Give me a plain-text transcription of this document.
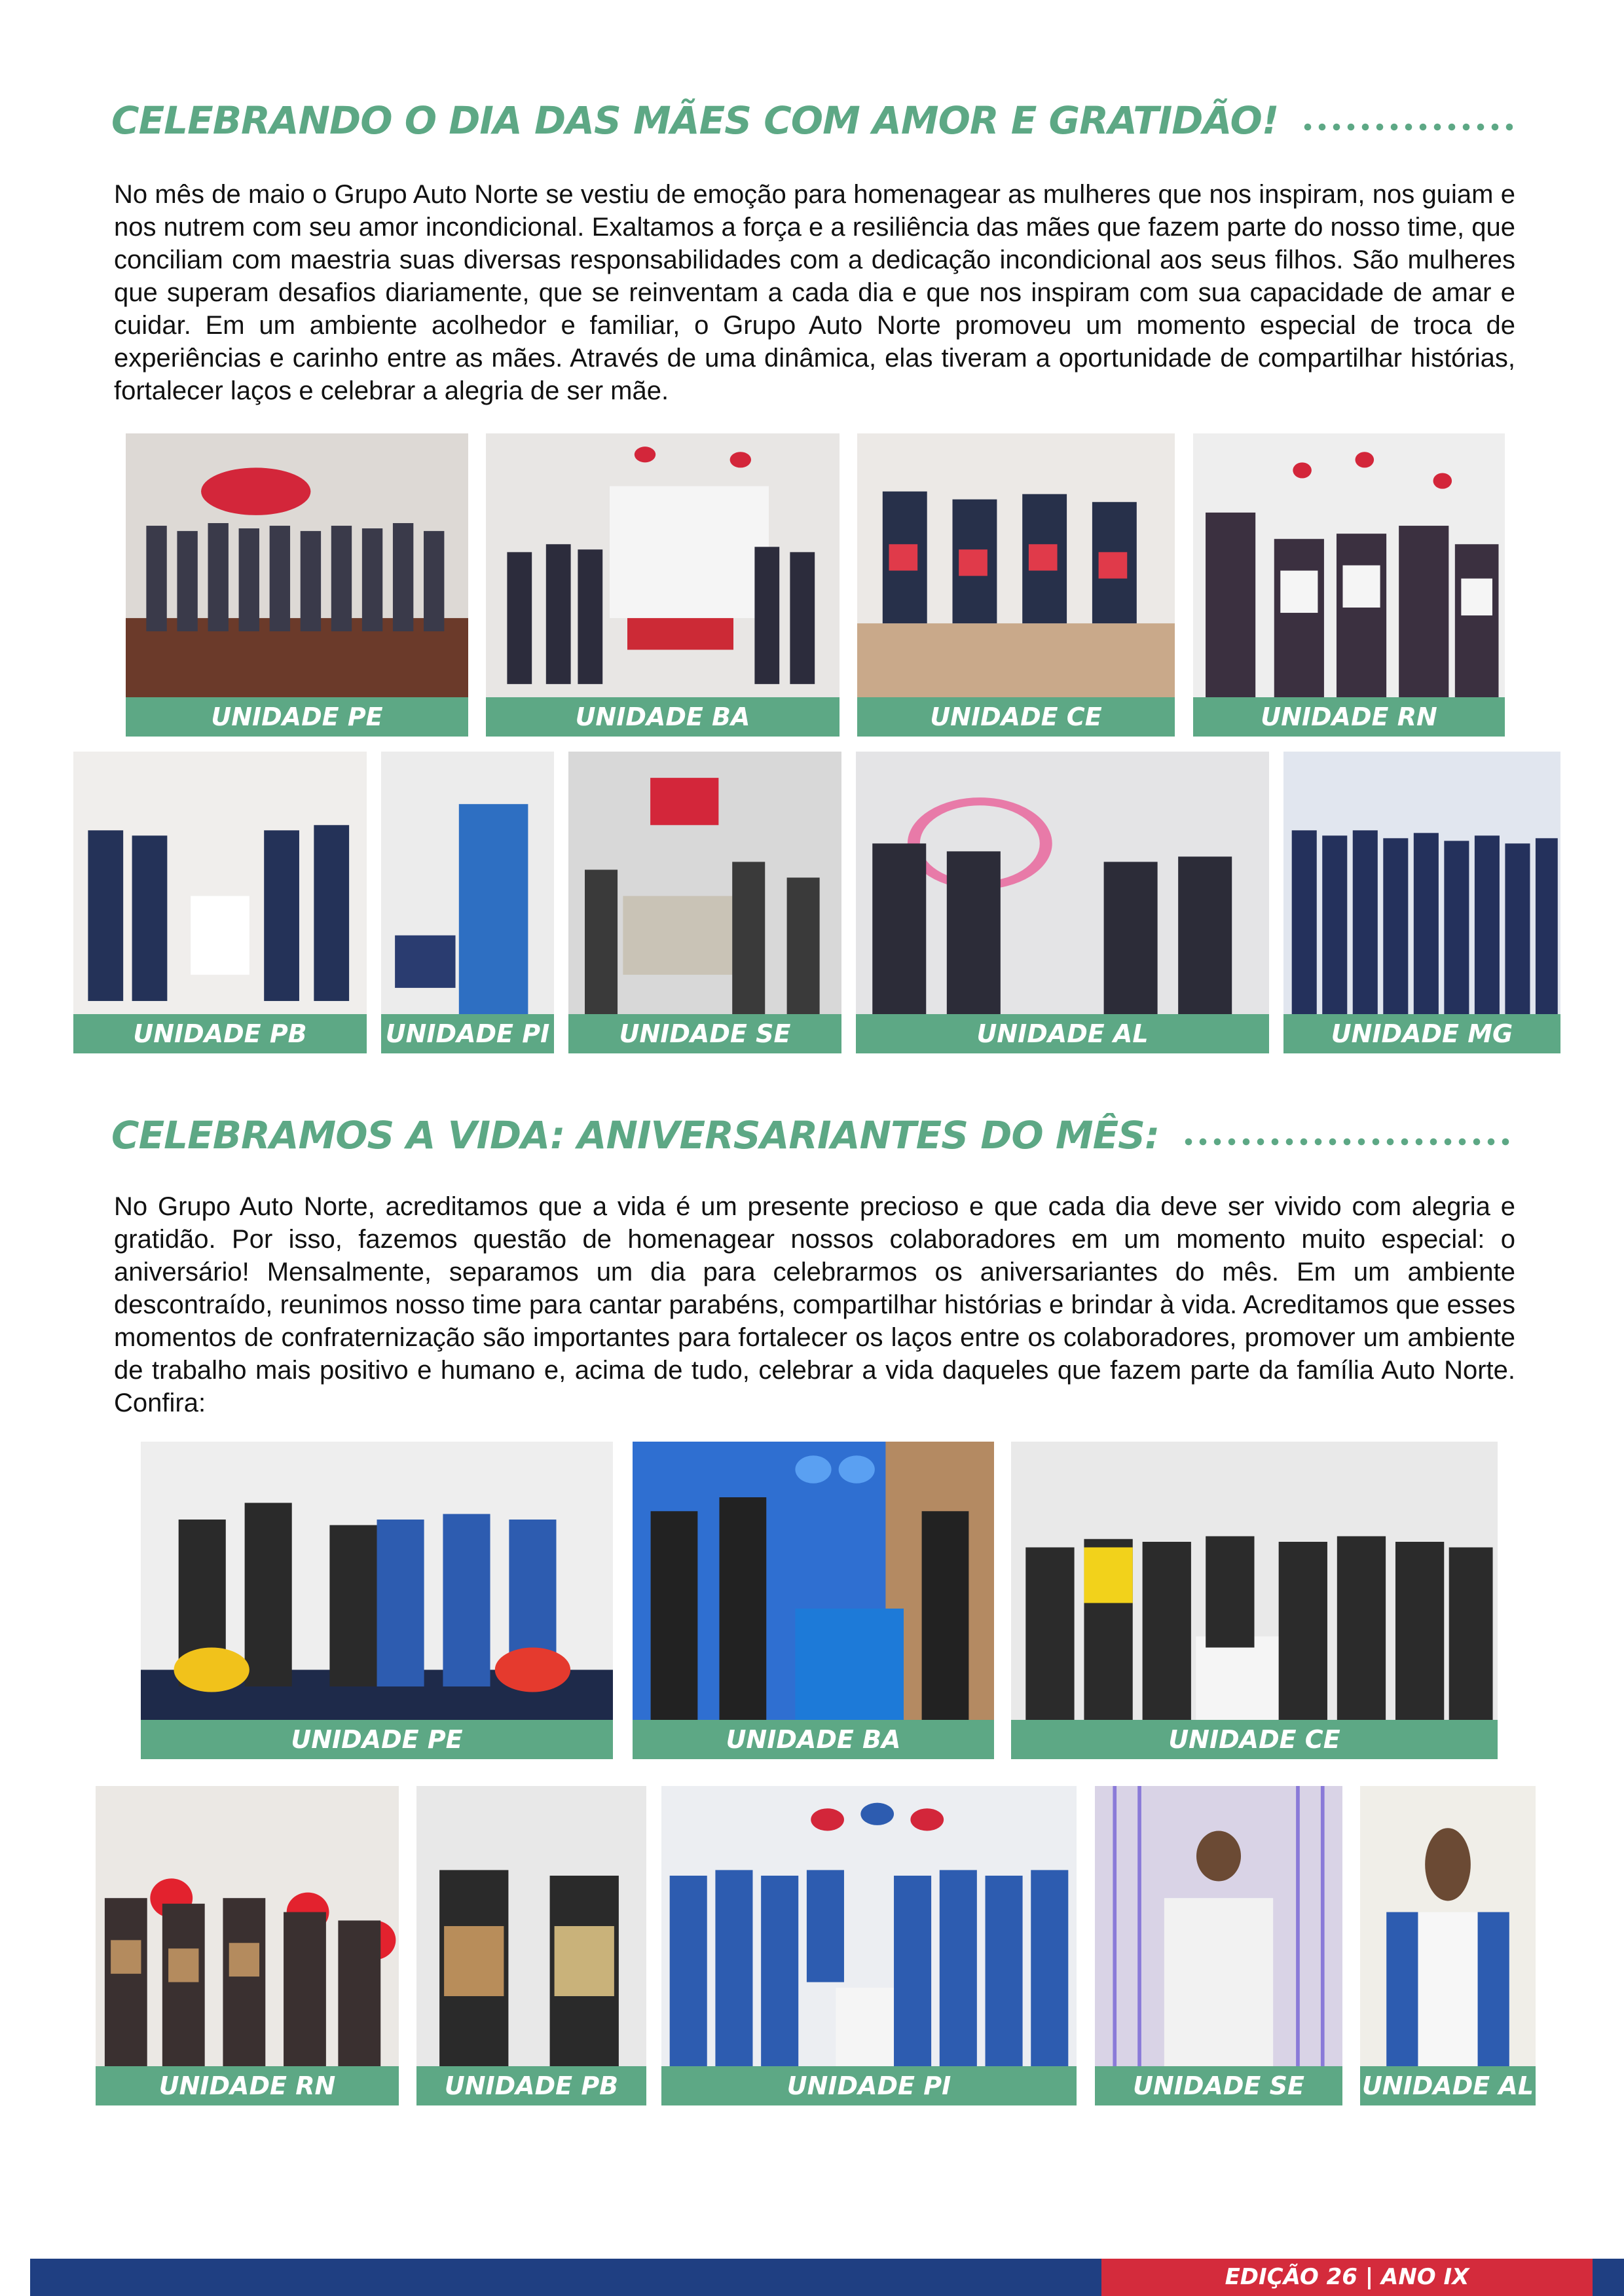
CELEBRANDO O DIA DAS MÃES COM AMOR E GRATIDÃO!

No mês de maio o Grupo Auto Norte se vestiu de emoção para homenagear as mulheres que nos inspiram, nos guiam e nos nutrem com seu amor incondicional. Exaltamos a força e a resiliência das mães que fazem parte do nosso time, que conciliam com maestria suas diversas responsabilidades com a dedicação incondicional aos seus filhos. São mulheres que superam desafios diariamente, que se reinventam a cada dia e que nos inspiram com sua capacidade de amar e cuidar. Em um ambiente acolhedor e familiar, o Grupo Auto Norte promoveu um momento especial de troca de experiências e carinho entre as mães. Através de uma dinâmica, elas tiveram a oportunidade de compartilhar histórias, fortalecer laços e celebrar a alegria de ser mãe.

UNIDADE PE	UNIDADE BA	UNIDADE CE	UNIDADE RN
UNIDADE PB	UNIDADE PI	UNIDADE SE	UNIDADE AL	UNIDADE MG
CELEBRAMOS A VIDA: ANIVERSARIANTES DO MÊS:

No Grupo Auto Norte, acreditamos que a vida é um presente precioso e que cada dia deve ser vivido com alegria e gratidão. Por isso, fazemos questão de homenagear nossos colaboradores em um momento muito especial: o aniversário! Mensalmente, separamos um dia para celebrarmos os aniversariantes do mês. Em um ambiente descontraído, reunimos nosso time para cantar parabéns, compartilhar histórias e brindar à vida. Acreditamos que esses momentos de confraternização são importantes para fortalecer os laços entre os colaboradores, promover um ambiente de trabalho mais positivo e humano e, acima de tudo, celebrar a vida daqueles que fazem parte da família Auto Norte. Confira:

UNIDADE PE	UNIDADE BA	UNIDADE CE
UNIDADE RN	UNIDADE PB	UNIDADE PI	UNIDADE SE	UNIDADE AL
EDIÇÃO 26 | ANO IX
